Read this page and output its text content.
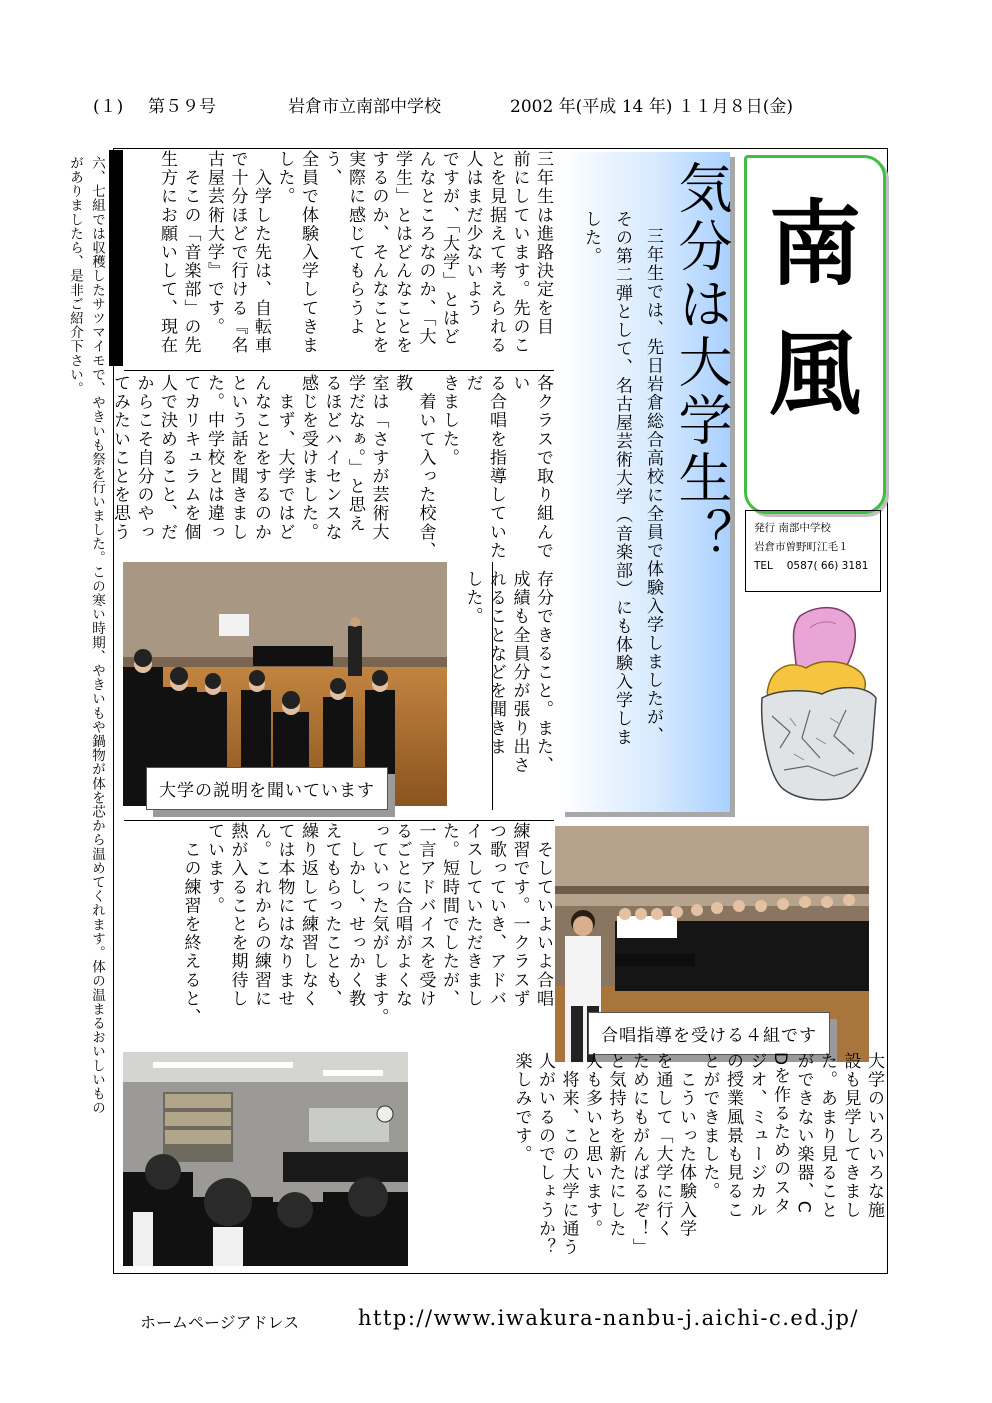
(１) 第５９号	岩倉市立南部中学校	2002 年(平成 14 年) １１月８日(金)
六、七組では収穫したサツマイモで、やきいも祭を行いました。この寒い時期、やきいもや鍋物が体を芯から温めてくれます。体の温まるおいしいもの
がありましたら、是非ご紹介下さい。	南
風
発行 南部中学校
岩倉市曽野町江毛１
TEL　 0587( 66) 3181
三年生では、先日岩倉総合高校に全員で体験入学しましたが、
その第二弾として、名古屋芸術大学（音楽部）にも体験入学しま
した。 気分は大学生？
三年生は進路決定を目
前にしています。先のこ
とを見据えて考えられる
人はまだ少ないよう
ですが、「大学」とはど
んなところなのか、「大
学生」とはどんなことを
するのか、そんなことを
実際に感じてもらうよう、
全員で体験入学してきま
した。
　入学した先は、自転車
で十分ほどで行ける『名
古屋芸術大学』です。
　そこの「音楽部」の先
生方にお願いして、現在
各クラスで取り組んでい
る合唱を指導していただ
きました。
　着いて入った校舎、教
室は「さすが芸術大
学だなぁ。」と思え
るほどハイセンスな
感じを受けました。
　まず、大学ではど
んなことをするのか
という話を聞きまし
た。中学校とは違っ
てカリキュラムを個
人で決めること、だ
からこそ自分のやっ
てみたいことを思う
存分できること。また、
成績も全員分が張り出さ
れることなどを聞きま
した。
大学の説明を聞いています
　そしていよいよ合唱
練習です。一クラスず
つ歌っていき、アドバ
イスしていただきまし
た。短時間でしたが、
一言アドバイスを受け
るごとに合唱がよくな
っていった気がします。
　しかし、せっかく教
えてもらったことも、
繰り返して練習しなく
ては本物にはなりませ
ん。これからの練習に
熱が入ることを期待し
ています。
　この練習を終えると、
合唱指導を受ける４組です
大学のいろいろな施
設も見学してきまし
た。あまり見ること
ができない楽器、C
Dを作るためのスタ
ジオ、ミュージカル
の授業風景も見るこ
とができました。
　こういった体験入学
を通して「大学に行く
ためにもがんばるぞ！」
と気持ちを新たにした
人も多いと思います。
　将来、この大学に通う
人がいるのでしょうか？
楽しみです。
ホームページアドレス	http://www.iwakura-nanbu-j.aichi-c.ed.jp/
